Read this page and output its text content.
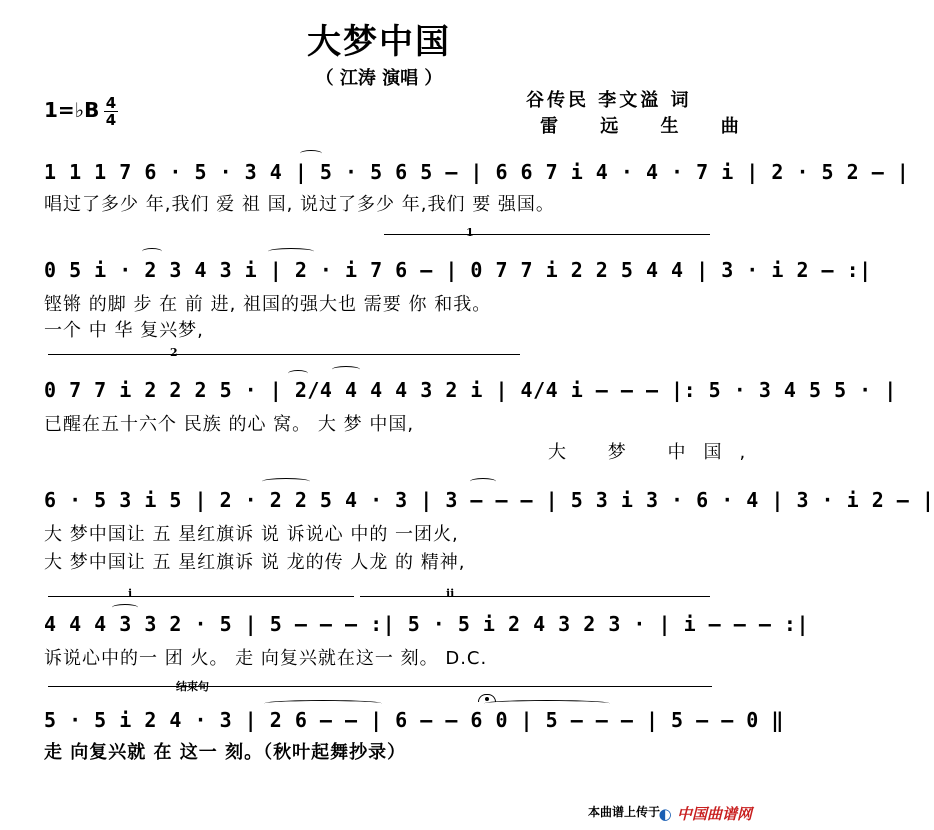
大梦中国
（ 江涛 演唱 ）
谷传民 李文溢 词
雷 远 生 曲
1=♭B 4
4
1 1 1 7 6 · 5 · 3 4 | 5 · 5 6 5 – | 6 6 7 i 4 · 4 · 7 i | 2 · 5 2 – |
唱过了多少 年,我们 爱 祖 国, 说过了多少 年,我们 要 强国。
1
0 5 i · 2 3 4 3 i | 2 · i 7 6 – | 0 7 7 i 2 2 5 4 4 | 3 · i 2 – :|
铿锵 的脚 步 在 前 进, 祖国的强大也 需要 你 和我。
一个 中 华 复兴梦,
2
0 7 7 i 2 2 2 5 · | 2/4 4 4 4 3 2 i | 4/4 i – – – |: 5 · 3 4 5 5 · |
已醒在五十六个 民族 的心 窝。 大 梦 中国,
大 梦 中国,
6 · 5 3 i 5 | 2 · 2 2 5 4 · 3 | 3 – – – | 5 3 i 3 · 6 · 4 | 3 · i 2 – |
大 梦中国让 五 星红旗诉 说 诉说心 中的 一团火,
大 梦中国让 五 星红旗诉 说 龙的传 人龙 的 精神,
i	ii
4 4 4 3 3 2 · 5 | 5 – – – :| 5 · 5 i 2 4 3 2 3 · | i – – – :|
诉说心中的一 团 火。 走 向复兴就在这一 刻。 D.C.
结束句
5 · 5 i 2 4 · 3 | 2 6 – – | 6 – – 6 0 | 5 – – – | 5 – – 0 ‖
走 向复兴就 在 这一 刻。（秋叶起舞抄录）
本曲谱上传于
◐ 中国曲谱网
